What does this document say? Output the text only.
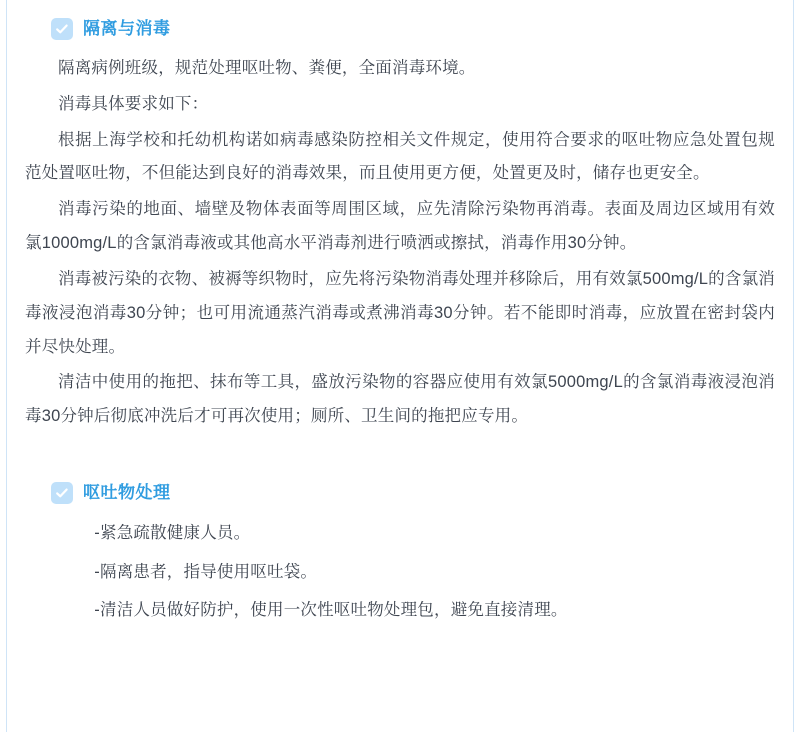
隔离与消毒

隔离病例班级，规范处理呕吐物、粪便，全面消毒环境。

消毒具体要求如下：

根据上海学校和托幼机构诺如病毒感染防控相关文件规定，使用符合要求的呕吐物应急处置包规范处置呕吐物，不但能达到良好的消毒效果，而且使用更方便，处置更及时，储存也更安全。

消毒污染的地面、墙壁及物体表面等周围区域，应先清除污染物再消毒。表面及周边区域用有效氯1000mg/L的含氯消毒液或其他高水平消毒剂进行喷洒或擦拭，消毒作用30分钟。

消毒被污染的衣物、被褥等织物时，应先将污染物消毒处理并移除后，用有效氯500mg/L的含氯消毒液浸泡消毒30分钟；也可用流通蒸汽消毒或煮沸消毒30分钟。若不能即时消毒，应放置在密封袋内并尽快处理。

清洁中使用的拖把、抹布等工具，盛放污染物的容器应使用有效氯5000mg/L的含氯消毒液浸泡消毒30分钟后彻底冲洗后才可再次使用；厕所、卫生间的拖把应专用。

呕吐物处理

-紧急疏散健康人员。

-隔离患者，指导使用呕吐袋。

-清洁人员做好防护，使用一次性呕吐物处理包，避免直接清理。
